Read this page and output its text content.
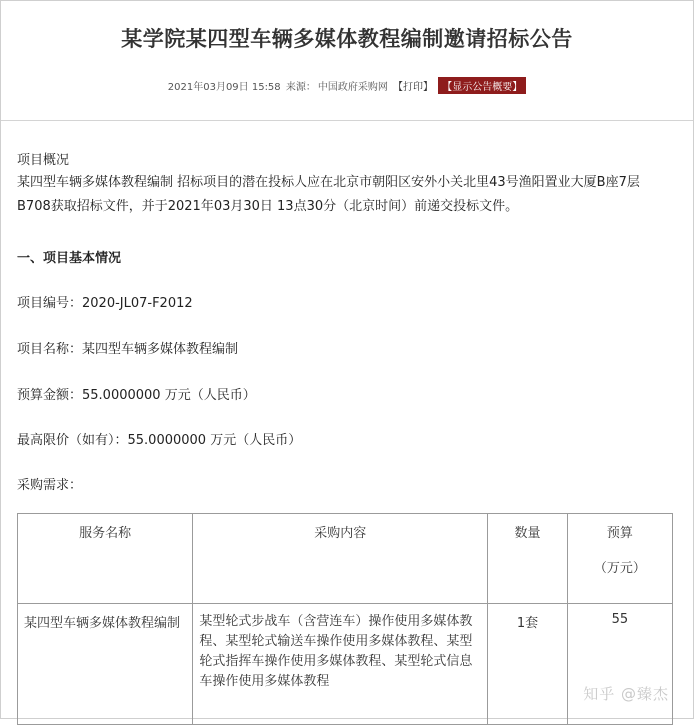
某学院某四型车辆多媒体教程编制邀请招标公告
2021年03月09日 15:58 来源： 中国政府采购网 【打印】 【显示公告概要】
项目概况
某四型车辆多媒体教程编制 招标项目的潜在投标人应在北京市朝阳区安外小关北里43号渔阳置业大厦B座7层
B708获取招标文件，并于2021年03月30日 13点30分（北京时间）前递交投标文件。
一、项目基本情况
项目编号：2020-JL07-F2012
项目名称：某四型车辆多媒体教程编制
预算金额：55.0000000 万元（人民币）
最高限价（如有）：55.0000000 万元（人民币）
采购需求：
服务名称	采购内容	数量	预算
（万元）

某四型车辆多媒体教程编制	某型轮式步战车（含营连车）操作使用多媒体教程、某型轮式输送车操作使用多媒体教程、某型轮式指挥车操作使用多媒体教程、某型轮式信息车操作使用多媒体教程	1套	55
知乎 @臻杰
